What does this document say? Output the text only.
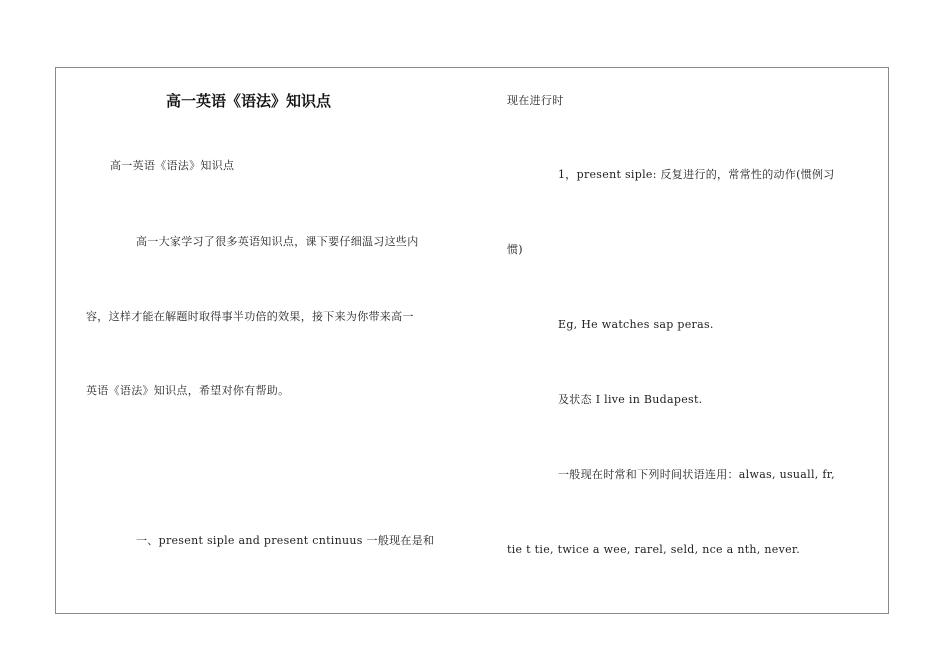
高一英语《语法》知识点
高一英语《语法》知识点
高一大家学习了很多英语知识点，课下要仔细温习这些内
容，这样才能在解题时取得事半功倍的效果，接下来为你带来高一
英语《语法》知识点，希望对你有帮助。
一、present siple and present cntinuus 一般现在是和
现在进行时
1，present siple: 反复进行的，常常性的动作(惯例习
惯)
Eg, He watches sap peras.
及状态 I live in Budapest.
一般现在时常和下列时间状语连用：alwas, usuall, fr,
tie t tie, twice a wee, rarel, seld, nce a nth, never.
